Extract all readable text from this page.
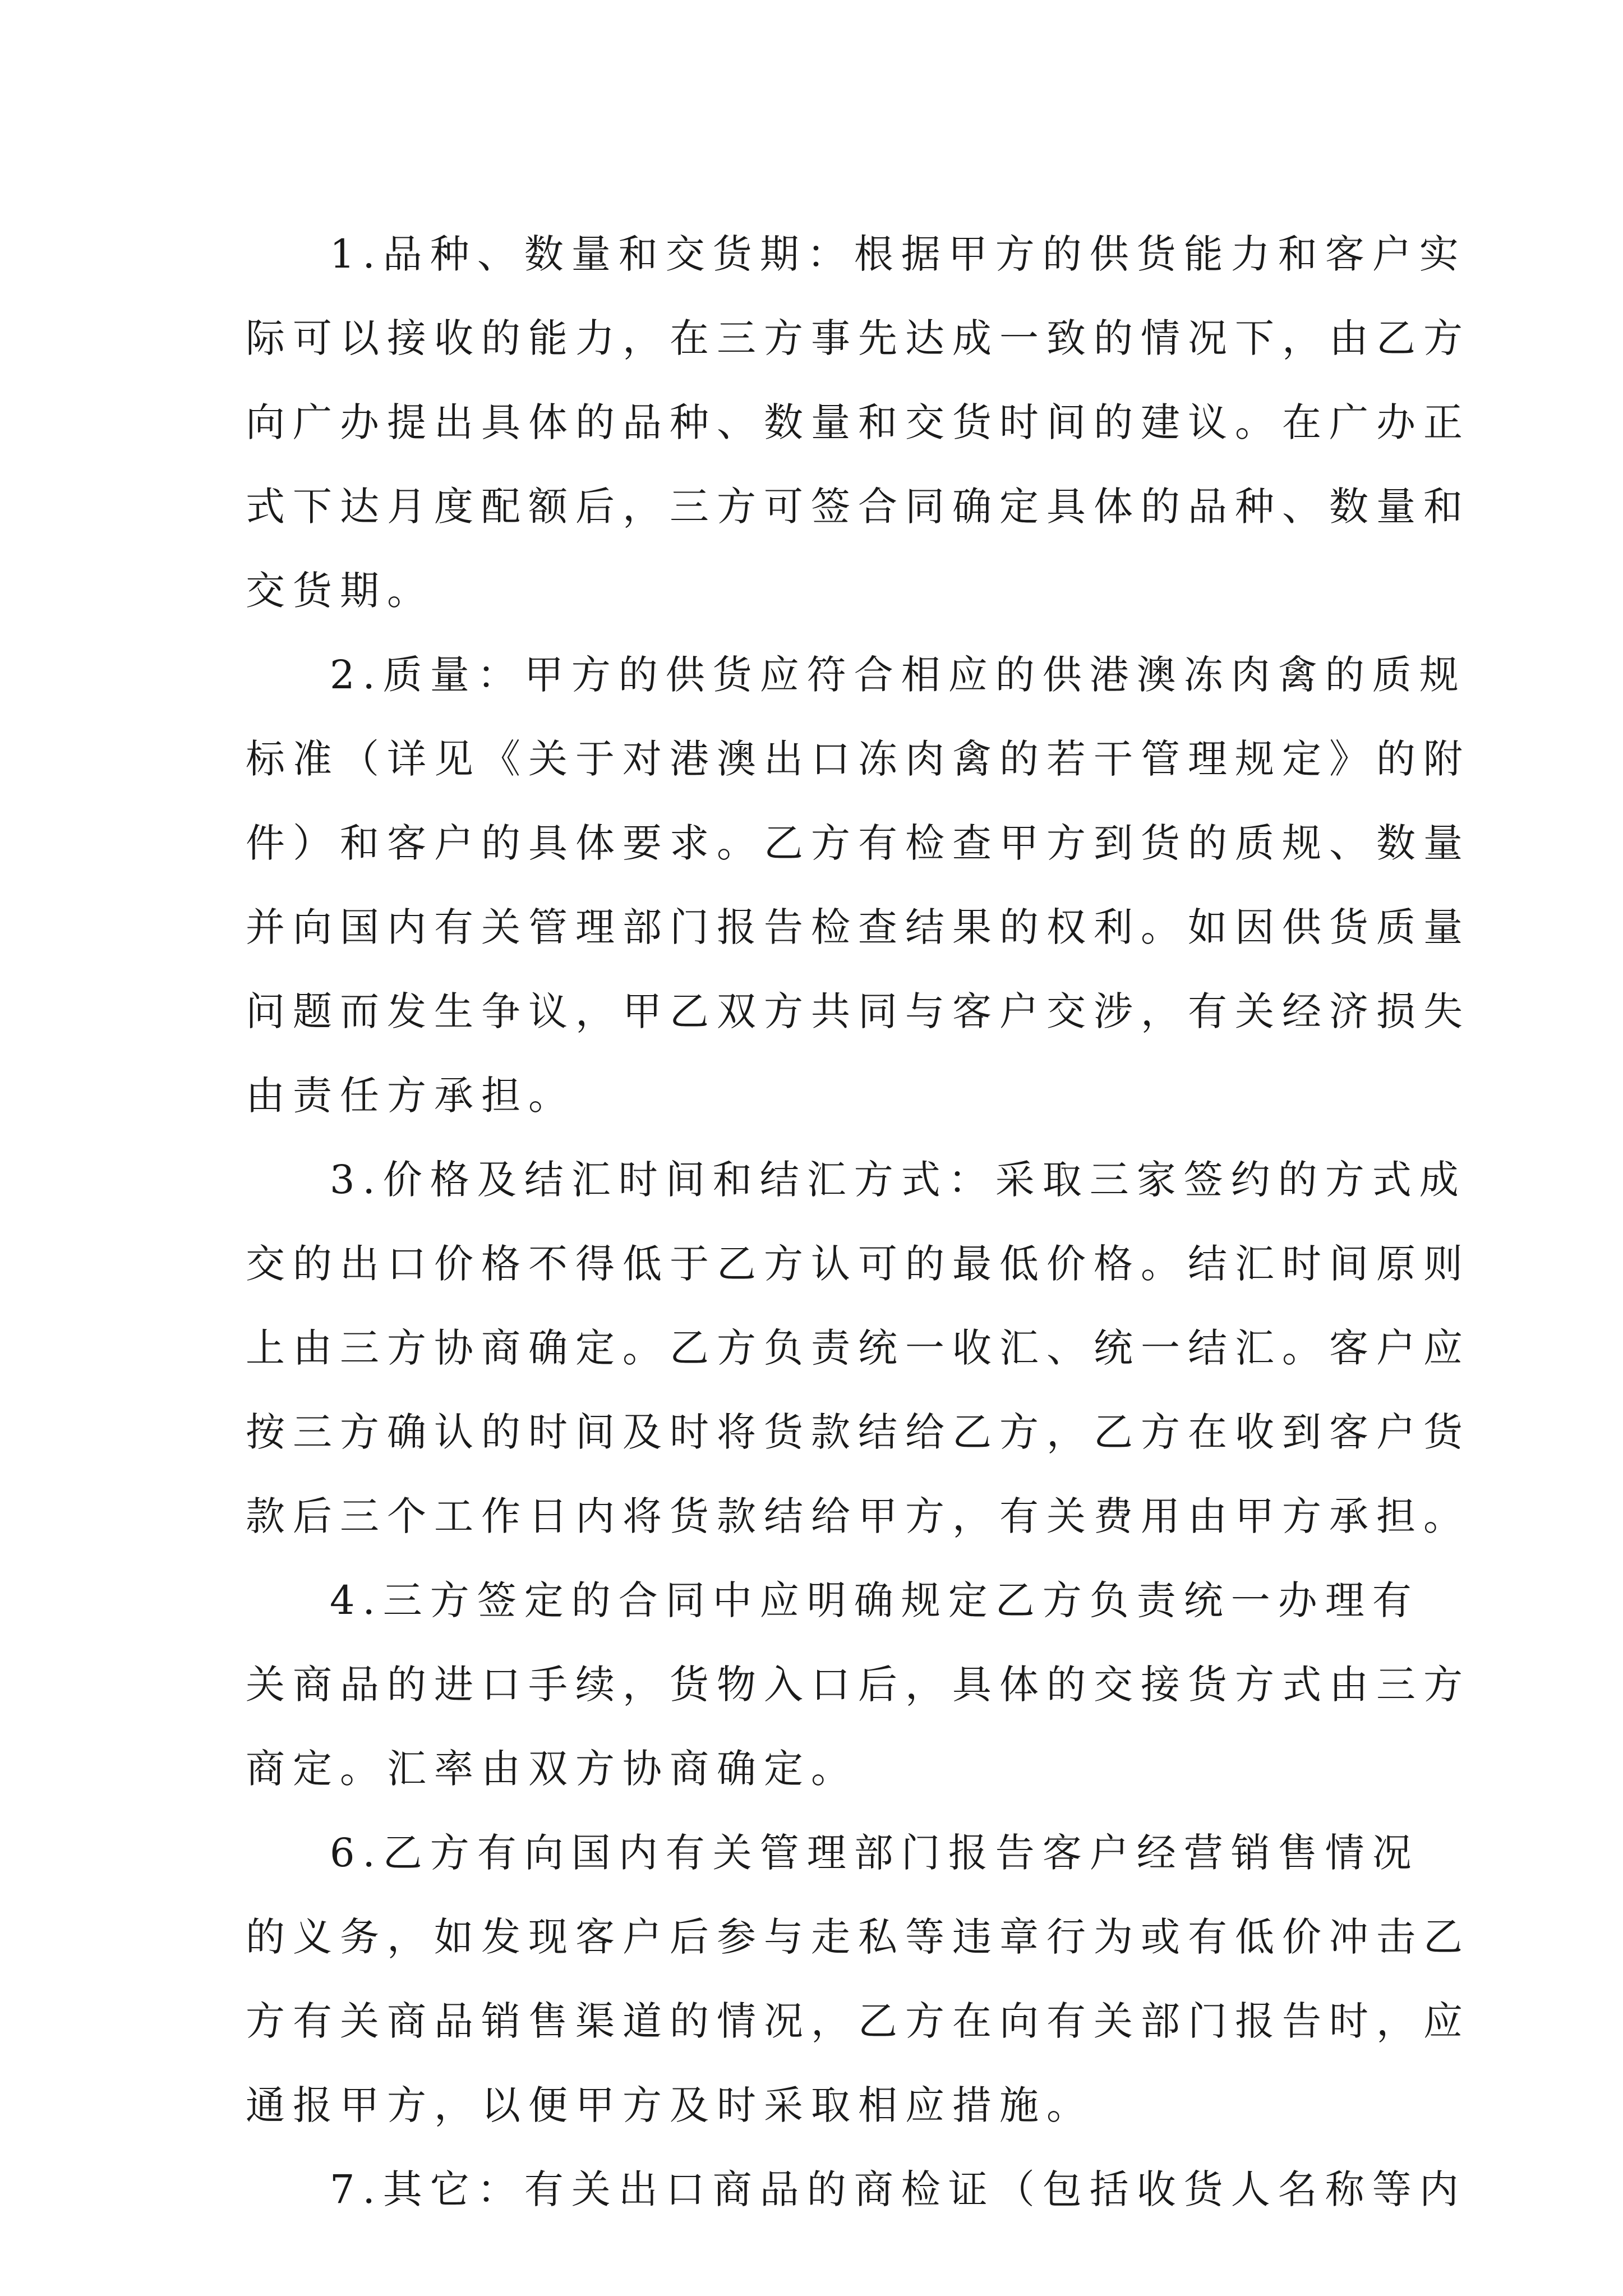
1.品种、数量和交货期：根据甲方的供货能力和客户实
际可以接收的能力，在三方事先达成一致的情况下，由乙方
向广办提出具体的品种、数量和交货时间的建议。在广办正
式下达月度配额后，三方可签合同确定具体的品种、数量和
交货期。

2.质量：甲方的供货应符合相应的供港澳冻肉禽的质规
标准（详见《关于对港澳出口冻肉禽的若干管理规定》的附
件）和客户的具体要求。乙方有检查甲方到货的质规、数量
并向国内有关管理部门报告检查结果的权利。如因供货质量
问题而发生争议，甲乙双方共同与客户交涉，有关经济损失
由责任方承担。

3.价格及结汇时间和结汇方式：采取三家签约的方式成
交的出口价格不得低于乙方认可的最低价格。结汇时间原则
上由三方协商确定。乙方负责统一收汇、统一结汇。客户应
按三方确认的时间及时将货款结给乙方，乙方在收到客户货
款后三个工作日内将货款结给甲方，有关费用由甲方承担。

4.三方签定的合同中应明确规定乙方负责统一办理有
关商品的进口手续，货物入口后，具体的交接货方式由三方
商定。汇率由双方协商确定。

6.乙方有向国内有关管理部门报告客户经营销售情况
的义务，如发现客户后参与走私等违章行为或有低价冲击乙
方有关商品销售渠道的情况，乙方在向有关部门报告时，应
通报甲方，以便甲方及时采取相应措施。

7.其它：有关出口商品的商检证（包括收货人名称等内
